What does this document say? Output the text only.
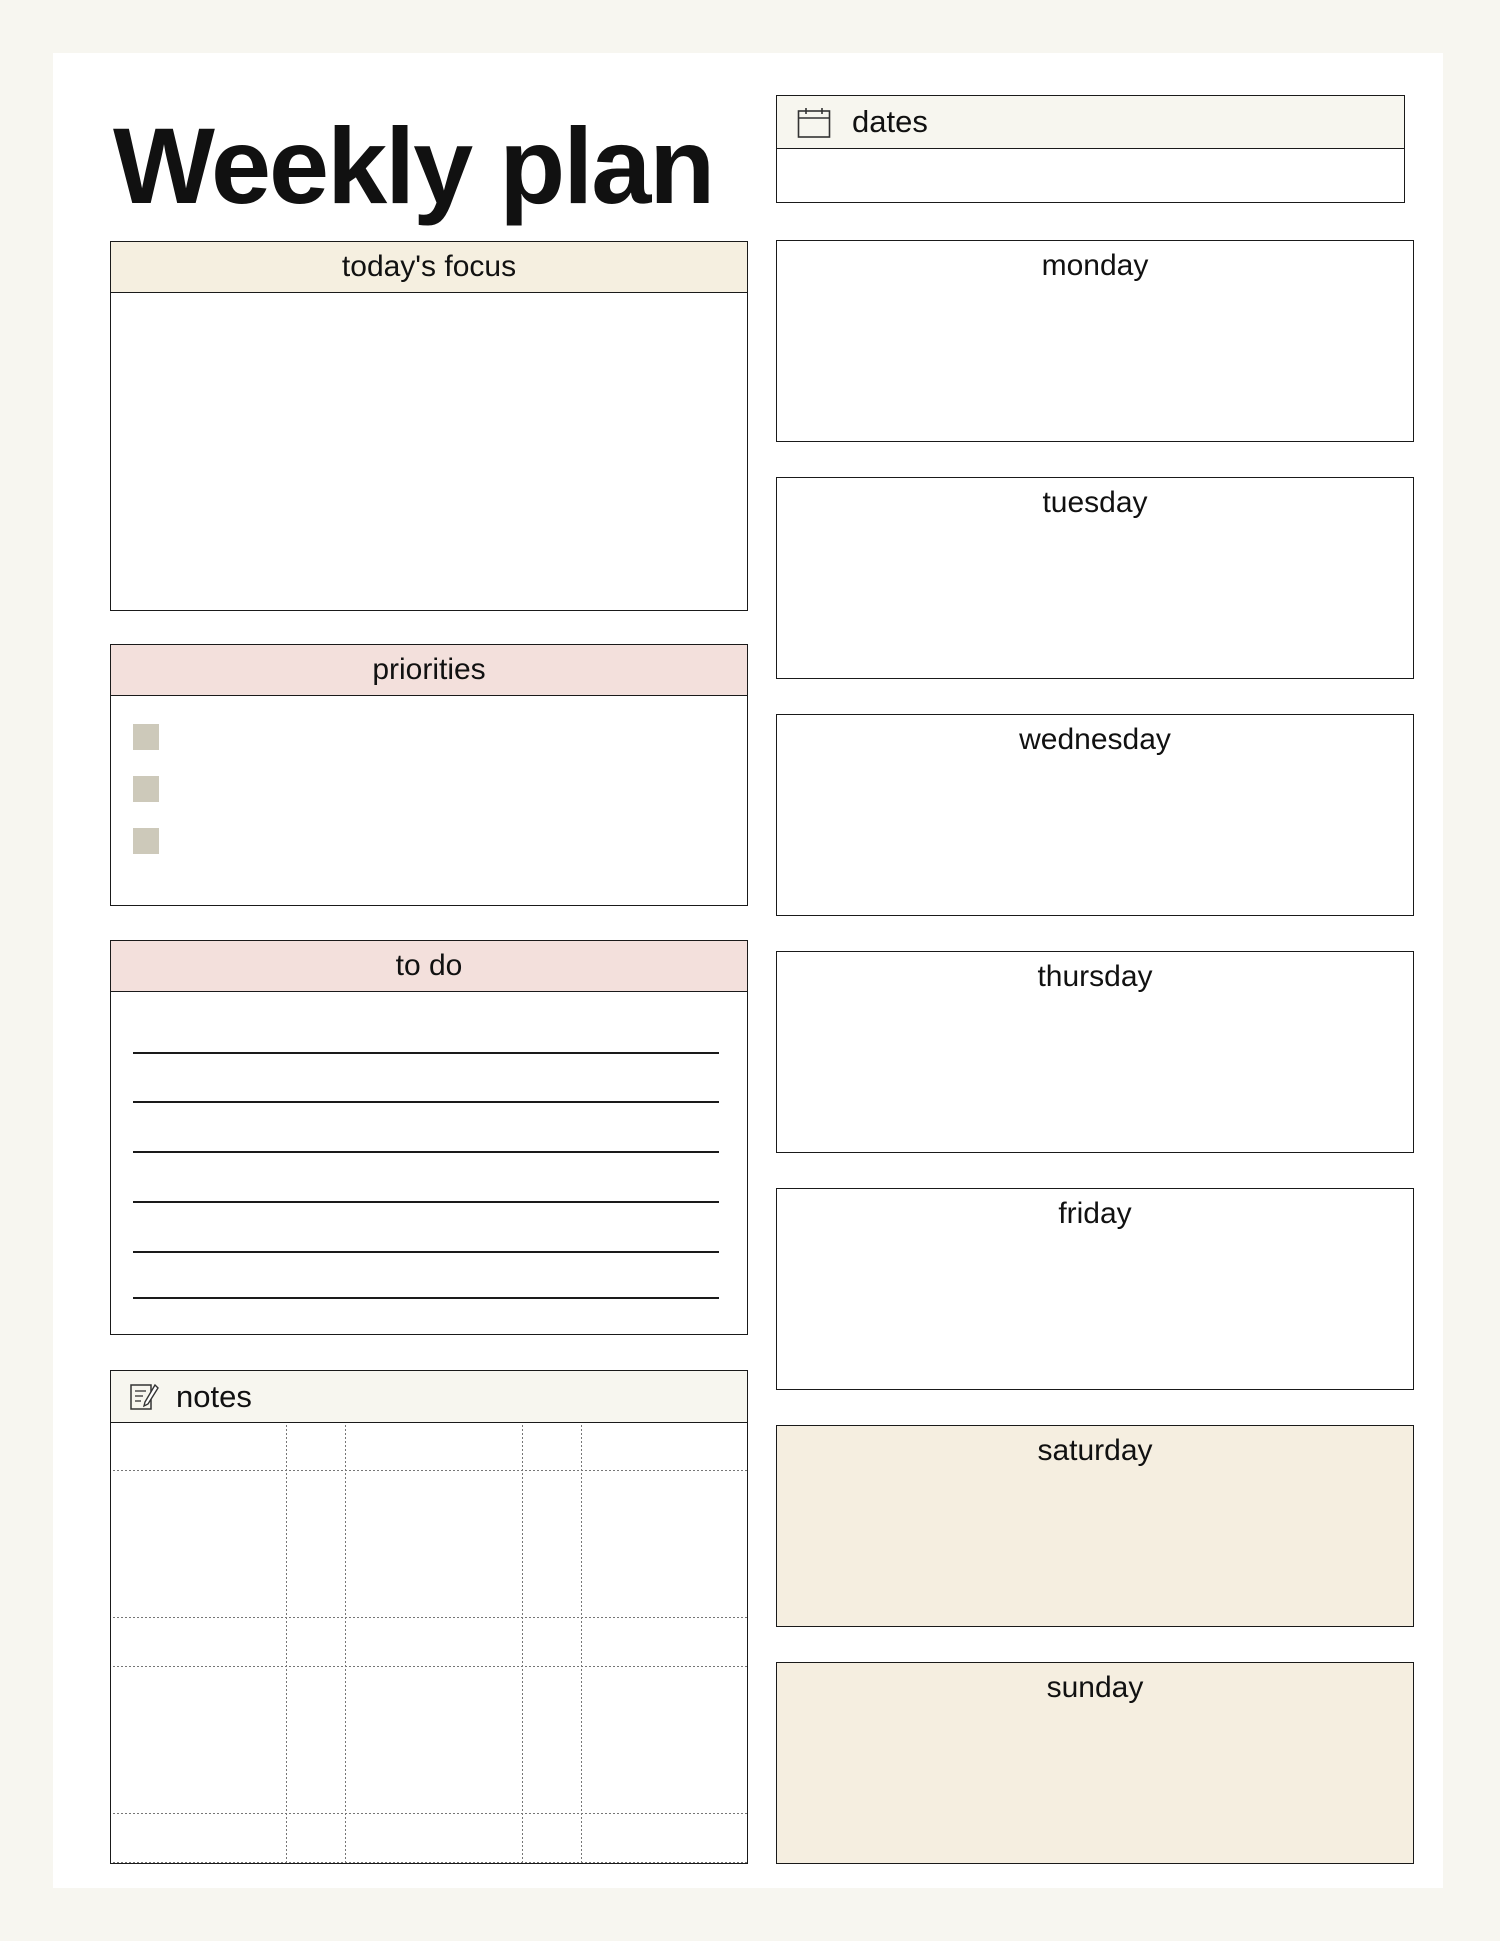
Weekly plan	dates
today's focus
priorities
to do
notes
monday
tuesday
wednesday
thursday
friday
saturday
sunday
